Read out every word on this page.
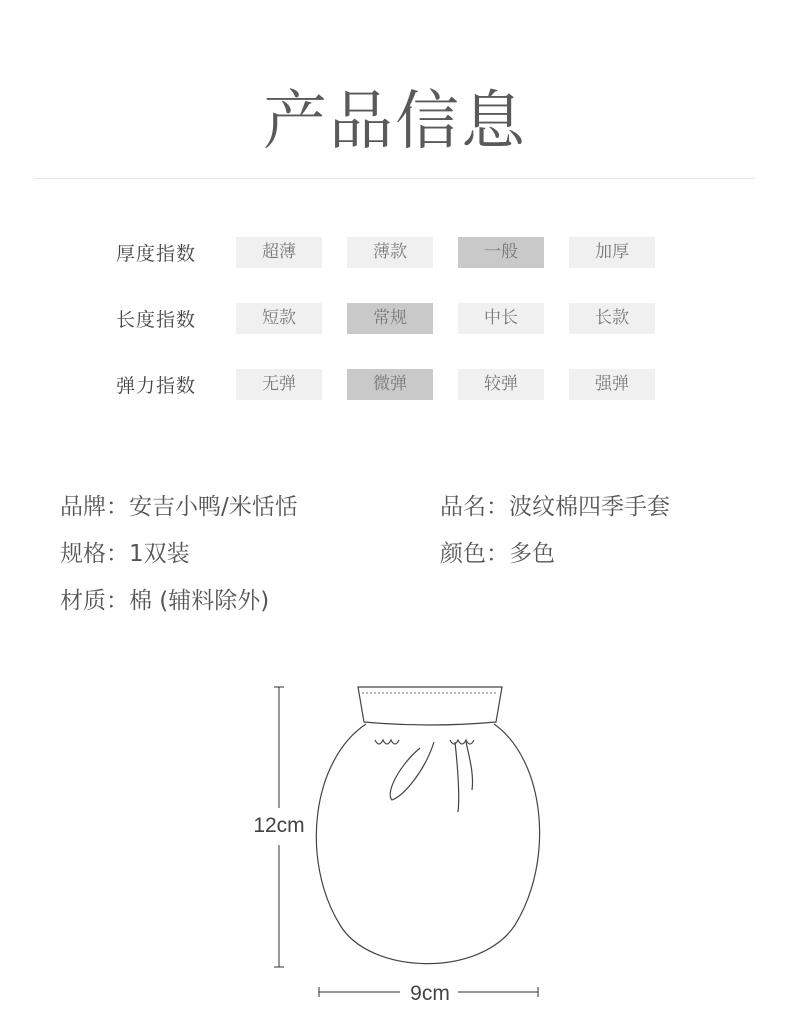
产品信息
厚度指数	超薄	薄款	一般	加厚
长度指数	短款	常规	中长	长款
弹力指数	无弹	微弹	较弹	强弹
品牌：安吉小鸭/米恬恬	品名：波纹棉四季手套
规格：1双装	颜色：多色
材质：棉 (辅料除外)
12cm
9cm
